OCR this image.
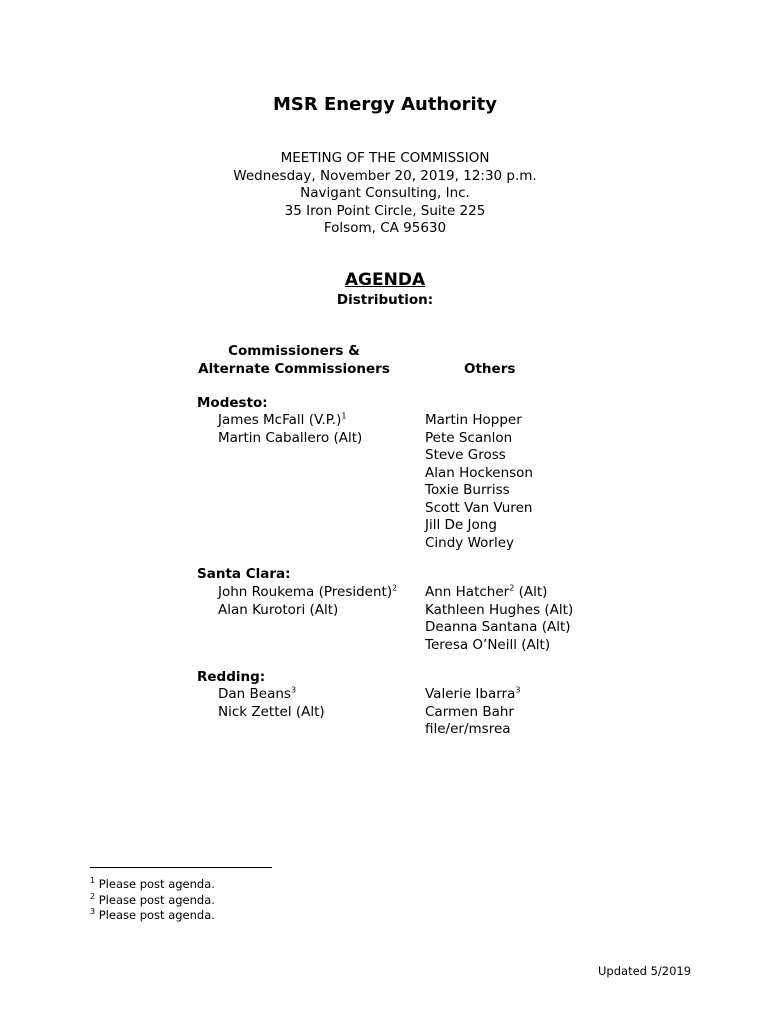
MSR Energy Authority
MEETING OF THE COMMISSION
Wednesday, November 20, 2019, 12:30 p.m.
Navigant Consulting, Inc.
35 Iron Point Circle, Suite 225
Folsom, CA 95630
AGENDA
Distribution:
Commissioners &
Alternate Commissioners	Others
Modesto:
James McFall $(V.P.)^1$
Martin Caballero (Alt)
Martin Hopper
Pete Scanlon
Steve Gross
Alan Hockenson
Toxie Burriss
Scott Van Vuren
Jill De Jong
Cindy Worley
Santa Clara:
John Roukema (President)$^2$
Alan Kurotori (Alt)
Ann Hatcher$^2$ (Alt)
Kathleen Hughes (Alt)
Deanna Santana (Alt)
Teresa O’Neill (Alt)
Redding:
Dan Beans$^3$
Nick Zettel (Alt)
Valerie Ibarra$^3$
Carmen Bahr
file/er/msrea
$^1$ Please post agenda.
$^2$ Please post agenda.
$^3$ Please post agenda.
Updated 5/2019
